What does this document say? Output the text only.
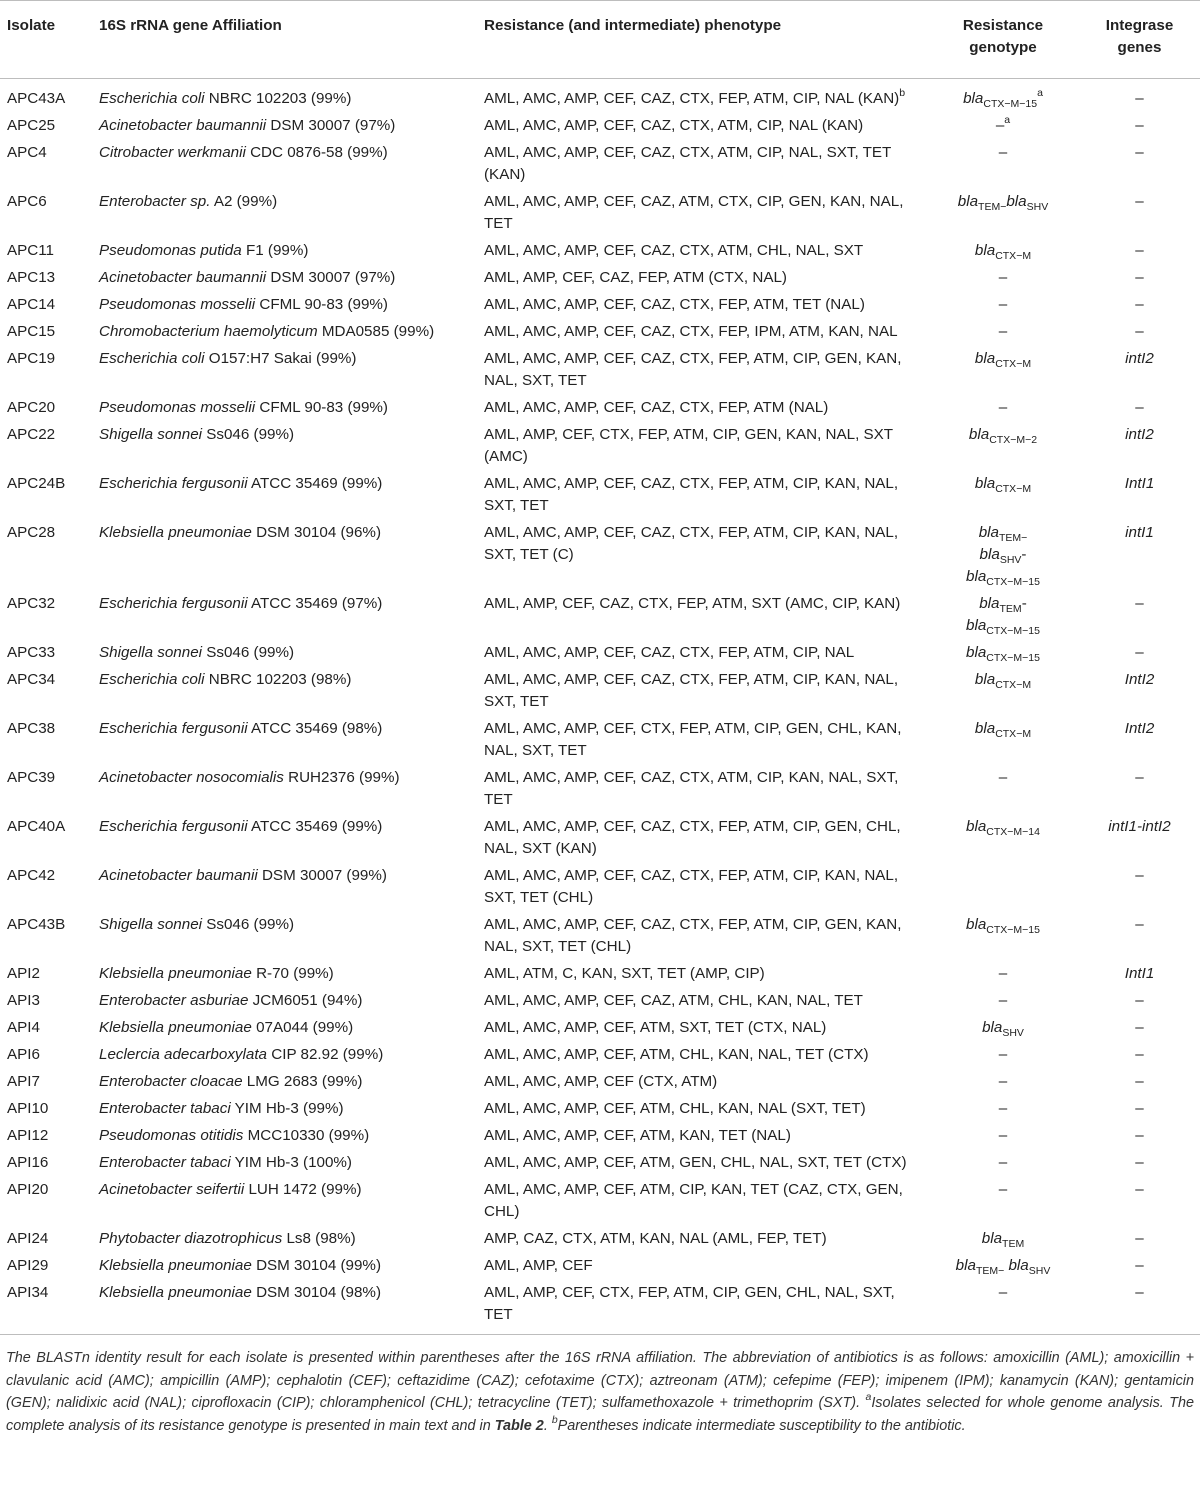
Isolate	16S rRNA gene Affiliation	Resistance (and intermediate) phenotype	Resistance
genotype	Integrase
genes
APC43A	Escherichia coli NBRC 102203 (99%)	AML, AMC, AMP, CEF, CAZ, CTX, FEP, ATM, CIP, NAL (KAN)$^b$	bla$_{CTX-M-15}^a$	–
APC25	Acinetobacter baumannii DSM 30007 (97%)	AML, AMC, AMP, CEF, CAZ, CTX, ATM, CIP, NAL (KAN)	–$^a$	–
APC4	Citrobacter werkmanii CDC 0876-58 (99%)	AML, AMC, AMP, CEF, CAZ, CTX, ATM, CIP, NAL, SXT, TET (KAN)	–	–
APC6	Enterobacter sp. A2 (99%)	AML, AMC, AMP, CEF, CAZ, ATM, CTX, CIP, GEN, KAN, NAL, TET	bla$_{TEM-}$bla$_{SHV}$	–
APC11	Pseudomonas putida F1 (99%)	AML, AMC, AMP, CEF, CAZ, CTX, ATM, CHL, NAL, SXT	bla$_{CTX-M}$	–
APC13	Acinetobacter baumannii DSM 30007 (97%)	AML, AMP, CEF, CAZ, FEP, ATM (CTX, NAL)	–	–
APC14	Pseudomonas mosselii CFML 90-83 (99%)	AML, AMC, AMP, CEF, CAZ, CTX, FEP, ATM, TET (NAL)	–	–
APC15	Chromobacterium haemolyticum MDA0585 (99%)	AML, AMC, AMP, CEF, CAZ, CTX, FEP, IPM, ATM, KAN, NAL	–	–
APC19	Escherichia coli O157:H7 Sakai (99%)	AML, AMC, AMP, CEF, CAZ, CTX, FEP, ATM, CIP, GEN, KAN, NAL, SXT, TET	bla$_{CTX-M}$	intI2
APC20	Pseudomonas mosselii CFML 90-83 (99%)	AML, AMC, AMP, CEF, CAZ, CTX, FEP, ATM (NAL)	–	–
APC22	Shigella sonnei Ss046 (99%)	AML, AMP, CEF, CTX, FEP, ATM, CIP, GEN, KAN, NAL, SXT (AMC)	bla$_{CTX-M-2}$	intI2
APC24B	Escherichia fergusonii ATCC 35469 (99%)	AML, AMC, AMP, CEF, CAZ, CTX, FEP, ATM, CIP, KAN, NAL, SXT, TET	bla$_{CTX-M}$	IntI1
APC28	Klebsiella pneumoniae DSM 30104 (96%)	AML, AMC, AMP, CEF, CAZ, CTX, FEP, ATM, CIP, KAN, NAL, SXT, TET (C)	bla$_{TEM-}$
bla$_{SHV}$-
bla$_{CTX-M-15}$	intI1
APC32	Escherichia fergusonii ATCC 35469 (97%)	AML, AMP, CEF, CAZ, CTX, FEP, ATM, SXT (AMC, CIP, KAN)	bla$_{TEM}$-
bla$_{CTX-M-15}$	–
APC33	Shigella sonnei Ss046 (99%)	AML, AMC, AMP, CEF, CAZ, CTX, FEP, ATM, CIP, NAL	bla$_{CTX-M-15}$	–
APC34	Escherichia coli NBRC 102203 (98%)	AML, AMC, AMP, CEF, CAZ, CTX, FEP, ATM, CIP, KAN, NAL, SXT, TET	bla$_{CTX-M}$	IntI2
APC38	Escherichia fergusonii ATCC 35469 (98%)	AML, AMC, AMP, CEF, CTX, FEP, ATM, CIP, GEN, CHL, KAN, NAL, SXT, TET	bla$_{CTX-M}$	IntI2
APC39	Acinetobacter nosocomialis RUH2376 (99%)	AML, AMC, AMP, CEF, CAZ, CTX, ATM, CIP, KAN, NAL, SXT, TET	–	–
APC40A	Escherichia fergusonii ATCC 35469 (99%)	AML, AMC, AMP, CEF, CAZ, CTX, FEP, ATM, CIP, GEN, CHL, NAL, SXT (KAN)	bla$_{CTX-M-14}$	intI1-intI2
APC42	Acinetobacter baumanii DSM 30007 (99%)	AML, AMC, AMP, CEF, CAZ, CTX, FEP, ATM, CIP, KAN, NAL, SXT, TET (CHL)		–
APC43B	Shigella sonnei Ss046 (99%)	AML, AMC, AMP, CEF, CAZ, CTX, FEP, ATM, CIP, GEN, KAN, NAL, SXT, TET (CHL)	bla$_{CTX-M-15}$	–
API2	Klebsiella pneumoniae R-70 (99%)	AML, ATM, C, KAN, SXT, TET (AMP, CIP)	–	IntI1
API3	Enterobacter asburiae JCM6051 (94%)	AML, AMC, AMP, CEF, CAZ, ATM, CHL, KAN, NAL, TET	–	–
API4	Klebsiella pneumoniae 07A044 (99%)	AML, AMC, AMP, CEF, ATM, SXT, TET (CTX, NAL)	bla$_{SHV}$	–
API6	Leclercia adecarboxylata CIP 82.92 (99%)	AML, AMC, AMP, CEF, ATM, CHL, KAN, NAL, TET (CTX)	–	–
API7	Enterobacter cloacae LMG 2683 (99%)	AML, AMC, AMP, CEF (CTX, ATM)	–	–
API10	Enterobacter tabaci YIM Hb-3 (99%)	AML, AMC, AMP, CEF, ATM, CHL, KAN, NAL (SXT, TET)	–	–
API12	Pseudomonas otitidis MCC10330 (99%)	AML, AMC, AMP, CEF, ATM, KAN, TET (NAL)	–	–
API16	Enterobacter tabaci YIM Hb-3 (100%)	AML, AMC, AMP, CEF, ATM, GEN, CHL, NAL, SXT, TET (CTX)	–	–
API20	Acinetobacter seifertii LUH 1472 (99%)	AML, AMC, AMP, CEF, ATM, CIP, KAN, TET (CAZ, CTX, GEN, CHL)	–	–
API24	Phytobacter diazotrophicus Ls8 (98%)	AMP, CAZ, CTX, ATM, KAN, NAL (AML, FEP, TET)	bla$_{TEM}$	–
API29	Klebsiella pneumoniae DSM 30104 (99%)	AML, AMP, CEF	bla$_{TEM-}$ bla$_{SHV}$	–
API34	Klebsiella pneumoniae DSM 30104 (98%)	AML, AMP, CEF, CTX, FEP, ATM, CIP, GEN, CHL, NAL, SXT, TET	–	–
The BLASTn identity result for each isolate is presented within parentheses after the 16S rRNA affiliation. The abbreviation of antibiotics is as follows: amoxicillin (AML); amoxicillin + clavulanic acid (AMC); ampicillin (AMP); cephalotin (CEF); ceftazidime (CAZ); cefotaxime (CTX); aztreonam (ATM); cefepime (FEP); imipenem (IPM); kanamycin (KAN); gentamicin (GEN); nalidixic acid (NAL); ciprofloxacin (CIP); chloramphenicol (CHL); tetracycline (TET); sulfamethoxazole + trimethoprim (SXT). $^a$Isolates selected for whole genome analysis. The complete analysis of its resistance genotype is presented in main text and in Table 2. $^b$Parentheses indicate intermediate susceptibility to the antibiotic.
